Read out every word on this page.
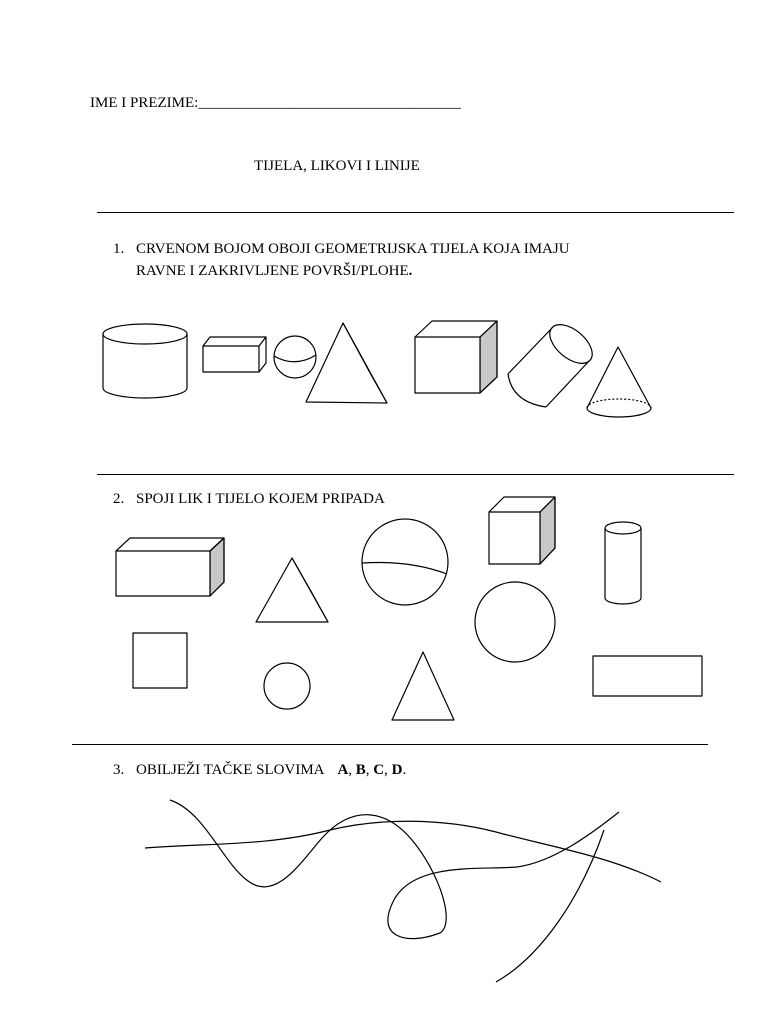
IME I PREZIME:___________________________________
TIJELA, LIKOVI I LINIJE
1. CRVENOM BOJOM OBOJI GEOMETRIJSKA TIJELA KOJA IMAJU
RAVNE I ZAKRIVLJENE POVRŠI/PLOHE.
2. SPOJI LIK I TIJELO KOJEM PRIPADA
3. OBILJEŽI TAČKE SLOVIMA A, B, C, D.
